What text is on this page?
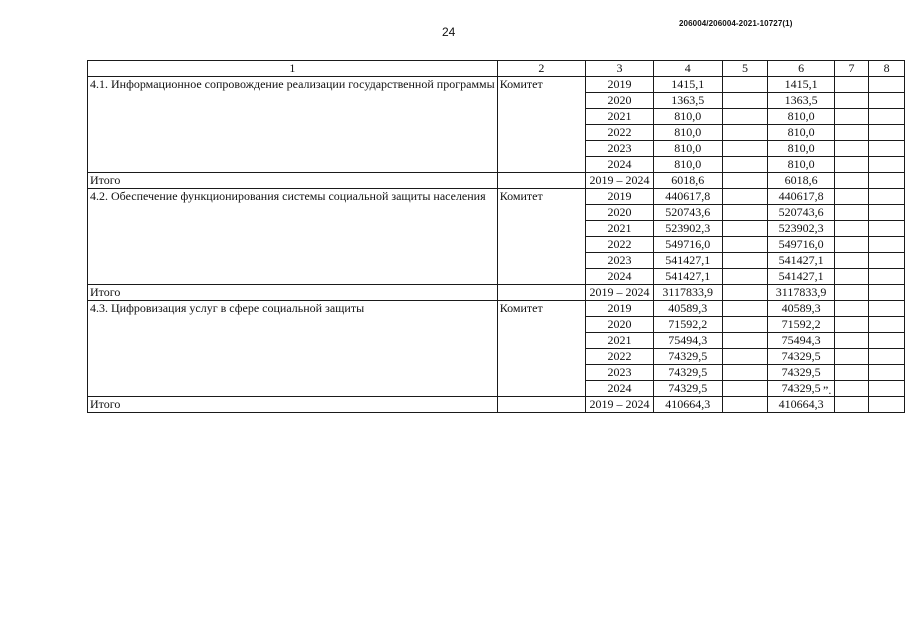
24
206004/206004-2021-10727(1)
1	2	3	4	5	6	7	8
4.1. Информационное сопровождение реализации государственной программы	Комитет	2019	1415,1		1415,1		
		2020	1363,5		1363,5		
		2021	810,0		810,0		
		2022	810,0		810,0		
		2023	810,0		810,0		
		2024	810,0		810,0		
Итого		2019 – 2024	6018,6		6018,6		
4.2. Обеспечение функционирования системы социальной защиты населения	Комитет	2019	440617,8		440617,8		
		2020	520743,6		520743,6		
		2021	523902,3		523902,3		
		2022	549716,0		549716,0		
		2023	541427,1		541427,1		
		2024	541427,1		541427,1		
Итого		2019 – 2024	3117833,9		3117833,9		
4.3. Цифровизация услуг в сфере социальной защиты	Комитет	2019	40589,3		40589,3		
		2020	71592,2		71592,2		
		2021	75494,3		75494,3		
		2022	74329,5		74329,5		
		2023	74329,5		74329,5		
		2024	74329,5		74329,5		
Итого		2019 – 2024	410664,3		410664,3		
”.
